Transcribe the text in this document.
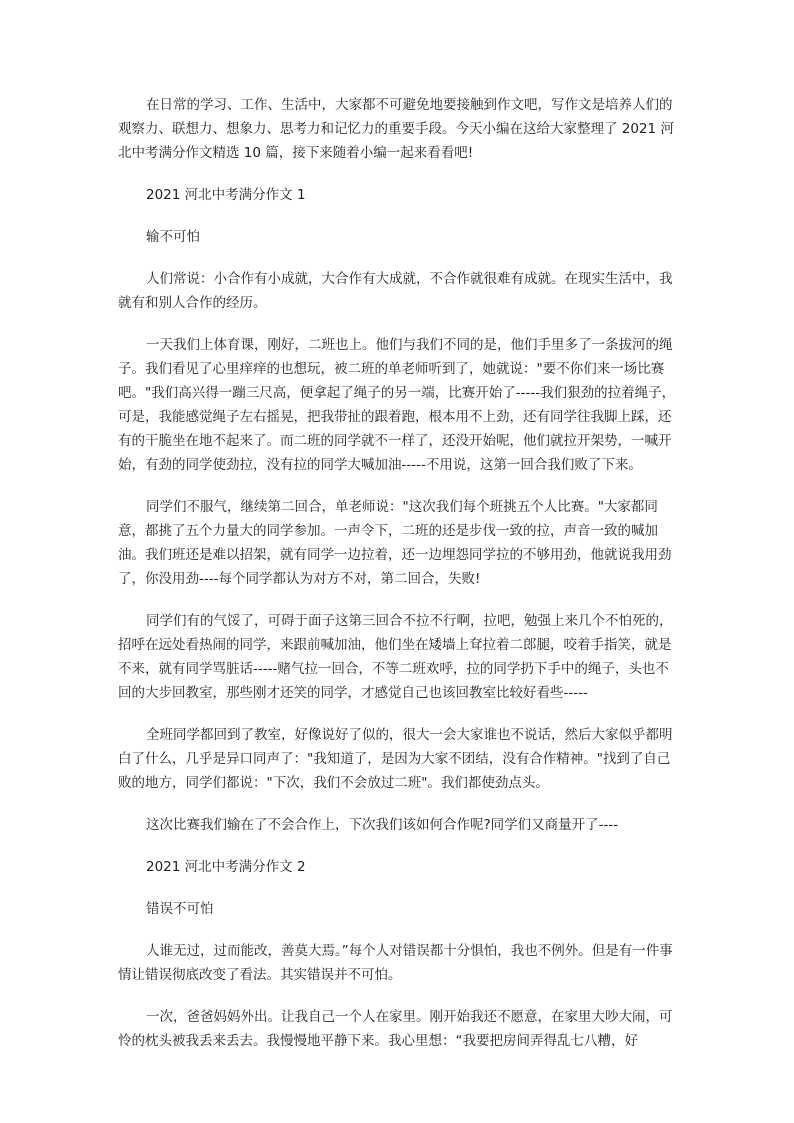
在日常的学习、工作、生活中，大家都不可避免地要接触到作文吧，写作文是培养人们的观察力、联想力、想象力、思考力和记忆力的重要手段。今天小编在这给大家整理了 2021 河北中考满分作文精选 10 篇，接下来随着小编一起来看看吧!

2021 河北中考满分作文 1

输不可怕

人们常说：小合作有小成就，大合作有大成就，不合作就很难有成就。在现实生活中，我就有和别人合作的经历。

一天我们上体育课，刚好，二班也上。他们与我们不同的是，他们手里多了一条拔河的绳子。我们看见了心里痒痒的也想玩，被二班的单老师听到了，她就说："要不你们来一场比赛吧。"我们高兴得一蹦三尺高，便拿起了绳子的另一端，比赛开始了-----我们狠劲的拉着绳子，可是，我能感觉绳子左右摇晃，把我带扯的跟着跑，根本用不上劲，还有同学往我脚上踩，还有的干脆坐在地不起来了。而二班的同学就不一样了，还没开始呢，他们就拉开架势，一喊开始，有劲的同学使劲拉，没有拉的同学大喊加油-----不用说，这第一回合我们败了下来。

同学们不服气，继续第二回合，单老师说："这次我们每个班挑五个人比赛。"大家都同意，都挑了五个力量大的同学参加。一声令下，二班的还是步伐一致的拉，声音一致的喊加油。我们班还是难以招架，就有同学一边拉着，还一边埋怨同学拉的不够用劲，他就说我用劲了，你没用劲----每个同学都认为对方不对，第二回合，失败!

同学们有的气馁了，可碍于面子这第三回合不拉不行啊，拉吧，勉强上来几个不怕死的，招呼在远处看热闹的同学，来跟前喊加油，他们坐在矮墙上耷拉着二郎腿，咬着手指笑，就是不来，就有同学骂脏话-----赌气拉一回合，不等二班欢呼，拉的同学扔下手中的绳子，头也不回的大步回教室，那些刚才还笑的同学，才感觉自己也该回教室比较好看些-----

全班同学都回到了教室，好像说好了似的，很大一会大家谁也不说话，然后大家似乎都明白了什么，几乎是异口同声了："我知道了，是因为大家不团结，没有合作精神。"找到了自己败的地方，同学们都说："下次，我们不会放过二班"。我们都使劲点头。

这次比赛我们输在了不会合作上，下次我们该如何合作呢?同学们又商量开了----

2021 河北中考满分作文 2

错误不可怕

人谁无过，过而能改，善莫大焉。”每个人对错误都十分惧怕，我也不例外。但是有一件事情让错误彻底改变了看法。其实错误并不可怕。

一次，爸爸妈妈外出。让我自己一个人在家里。刚开始我还不愿意，在家里大吵大闹，可怜的枕头被我丢来丢去。我慢慢地平静下来。我心里想：“我要把房间弄得乱七八糟，好
